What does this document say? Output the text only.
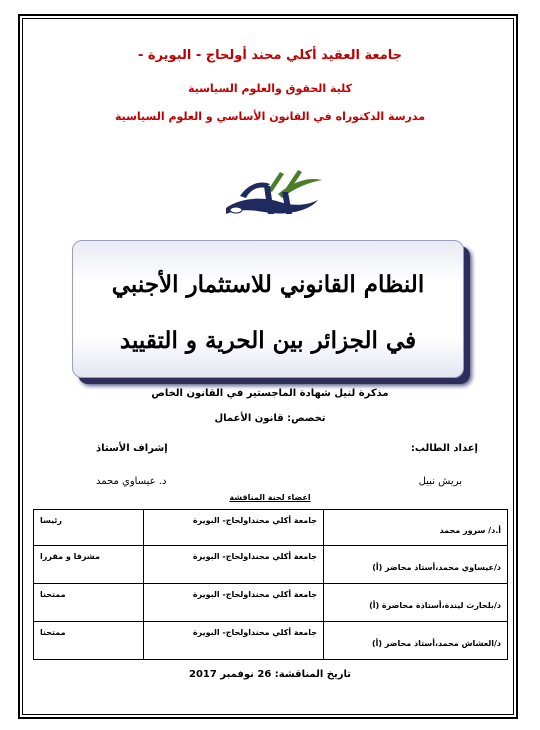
جامعة العقيد أكلي محند أولحاج - البويرة -
كلية الحقوق والعلوم السياسية
مدرسة الدكتوراه في القانون الأساسي و العلوم السياسية
النظام القانوني للاستثمار الأجنبي
في الجزائر بين الحرية و التقييد
مذكرة لنيل شهادة الماجستير في القانون الخاص
تخصص: قانون الأعمال
إعداد الطالب:
إشراف الأستاذ
بريش نبيل
د. عيساوي محمد
اعضاء لجنة المناقشة
رئيسا	جامعة أكلي محنداولحاج- البويرة	أ.د/ سرور محمد
مشرفا و مقررا	جامعة أكلي محنداولحاج- البويرة	د/عيساوي محمد،أستاذ محاضر (أ)
ممتحنا	جامعة أكلي محنداولحاج- البويرة	د/بلحارث ليندة،أستاذة محاضرة (أ)
ممتحنا	جامعة أكلي محنداولحاج- البويرة	د/العشاش محمد،أستاذ محاضر (أ)
تاريخ المناقشة: 26 نوفمبر 2017
